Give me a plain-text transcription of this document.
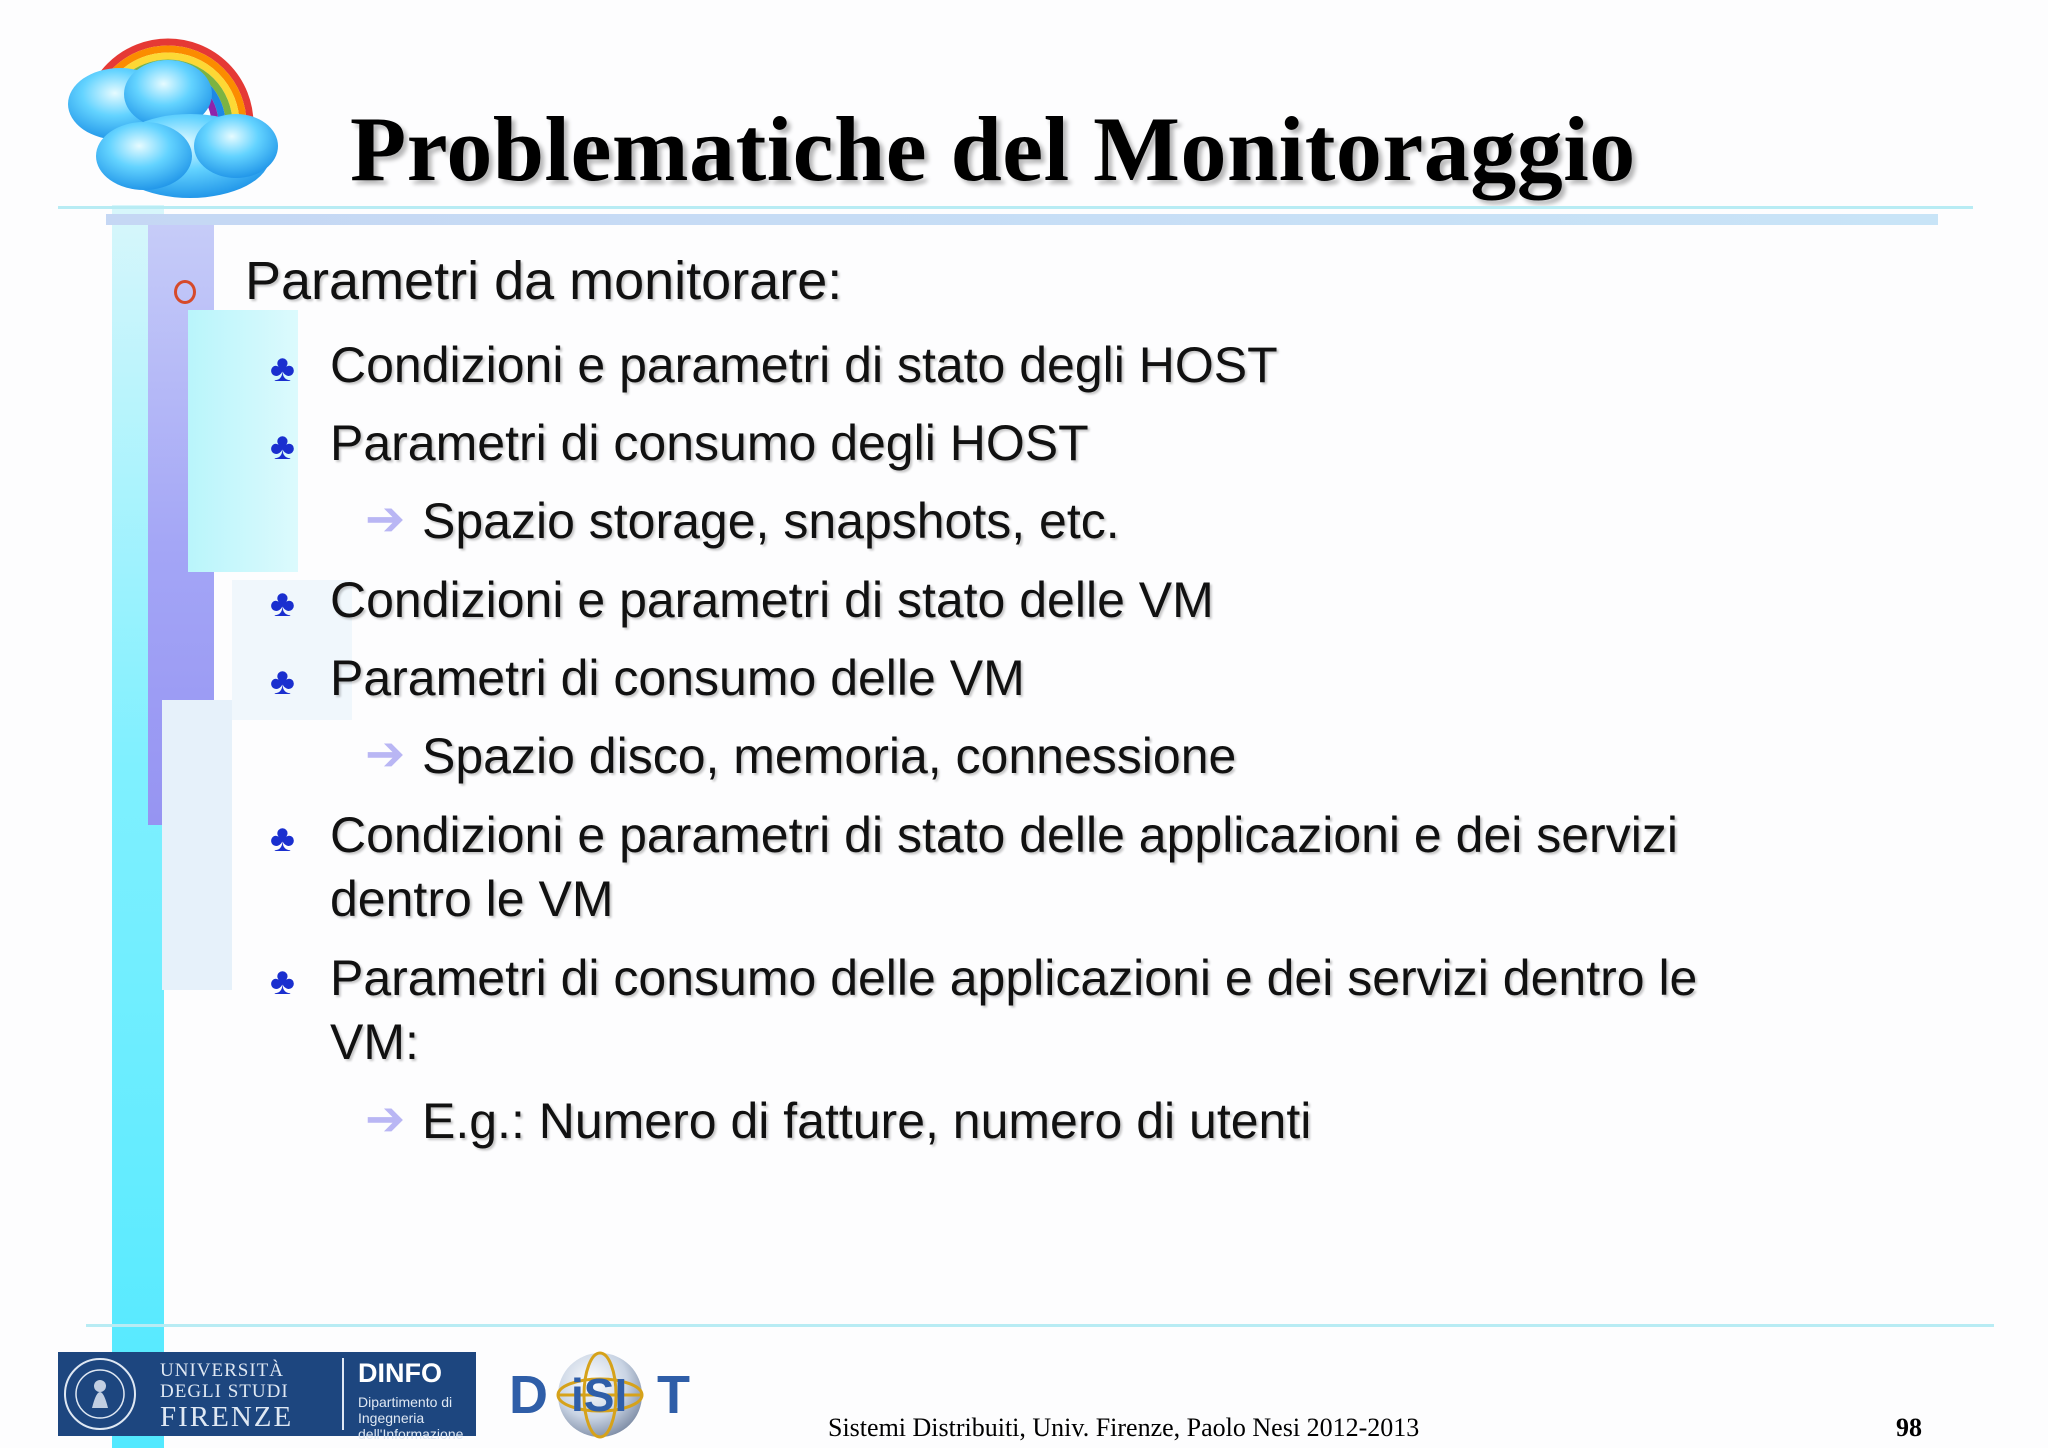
Problematiche del Monitoraggio
Parametri da monitorare:
♣ Condizioni e parametri di stato degli HOST
♣ Parametri di consumo degli HOST
➔ Spazio storage, snapshots, etc.
♣ Condizioni e parametri di stato delle VM
♣ Parametri di consumo delle VM
➔ Spazio disco, memoria, connessione
♣ Condizioni e parametri di stato delle applicazioni e dei servizi
dentro le VM
♣ Parametri di consumo delle applicazioni e dei servizi dentro le
VM:
➔ E.g.: Numero di fatture, numero di utenti
UNIVERSITÀ
DEGLI STUDI
FIRENZE
DINFO
Dipartimento di
Ingegneria dell'Informazione
D iSI T
Sistemi Distribuiti, Univ. Firenze, Paolo Nesi 2012-2013	98
